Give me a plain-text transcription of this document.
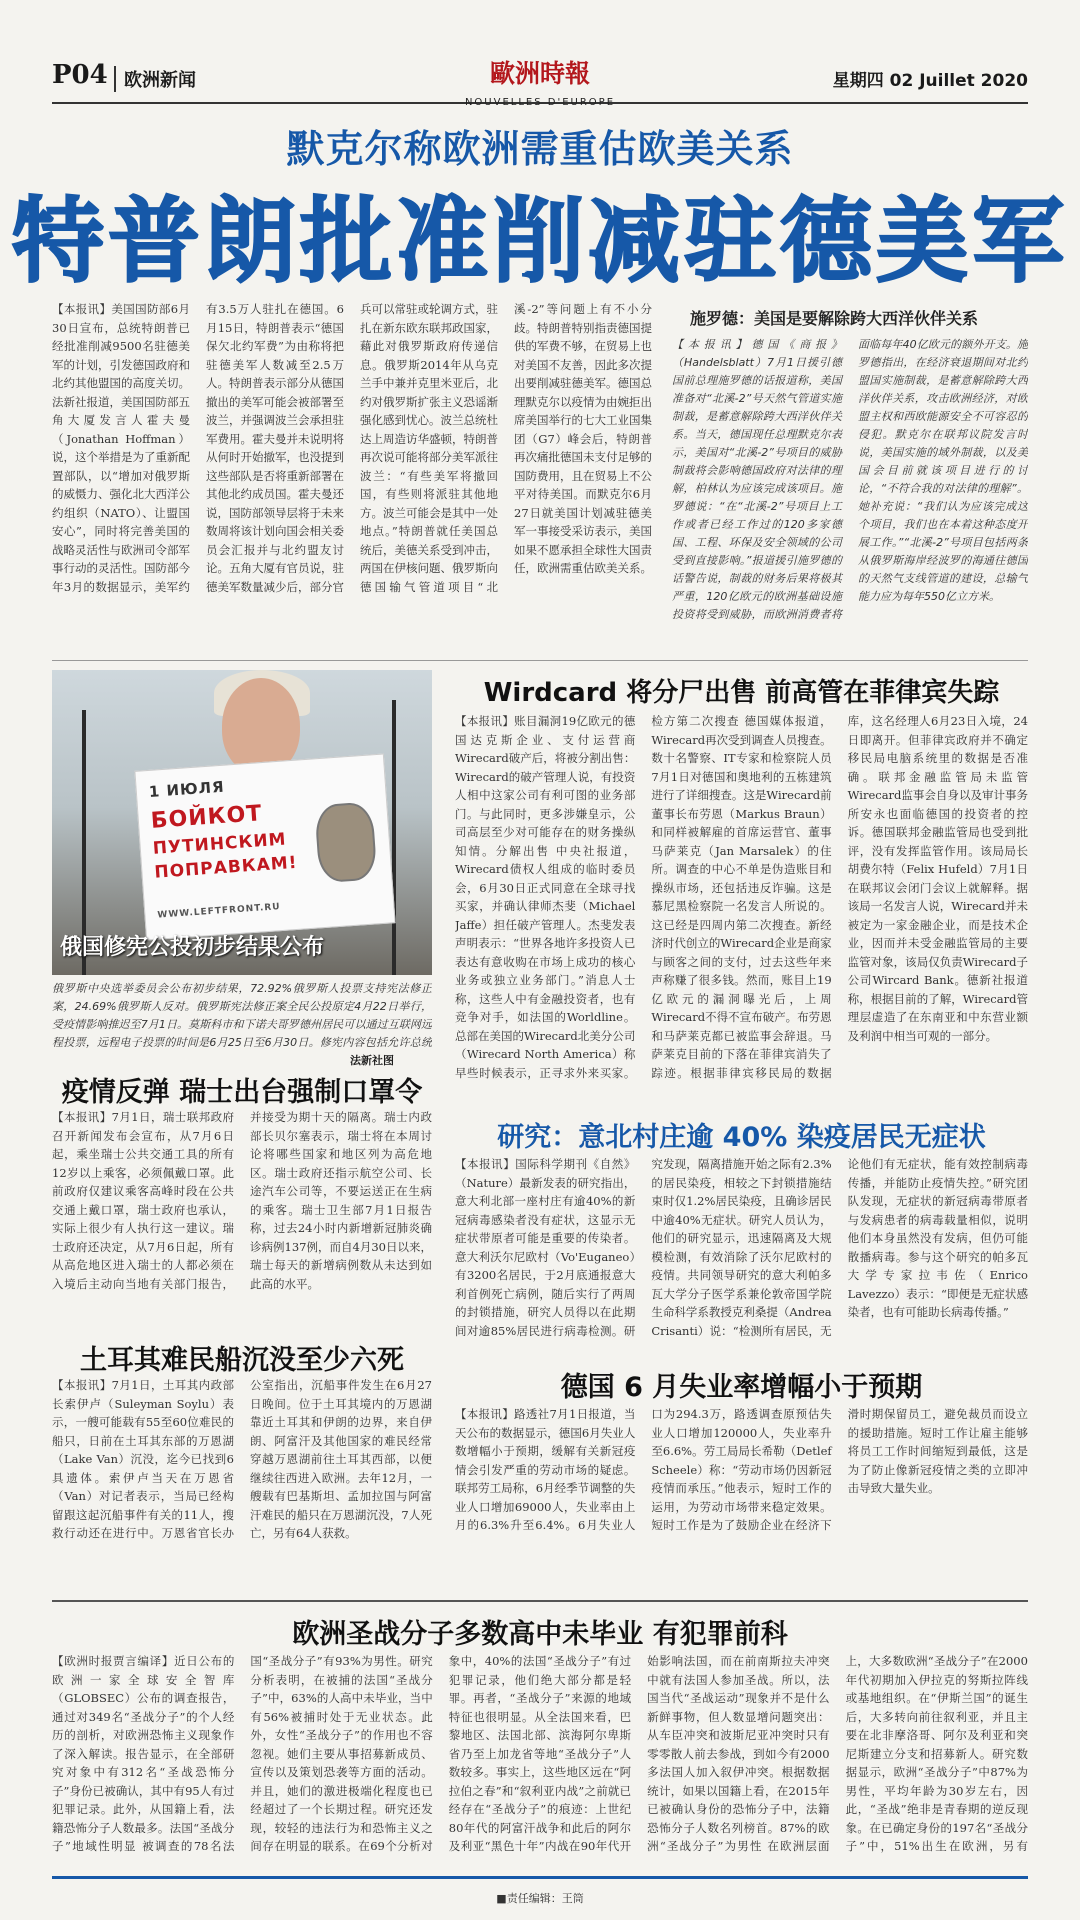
P04 欧洲新闻	歐洲時報
NOUVELLES D'EUROPE
星期四 02 Juillet 2020
默克尔称欧洲需重估欧美关系
特普朗批准削减驻德美军
【本报讯】美国国防部6月30日宣布，总统特朗普已经批准削减9500名驻德美军的计划，引发德国政府和北约其他盟国的高度关切。法新社报道，美国国防部五角大厦发言人霍夫曼（Jonathan Hoffman）说，这个举措是为了重新配置部队，以“增加对俄罗斯的威慑力、强化北大西洋公约组织（NATO）、让盟国安心”，同时将完善美国的战略灵活性与欧洲司令部军事行动的灵活性。国防部今年3月的数据显示，美军约有3.5万人驻扎在德国。6月15日，特朗普表示“德国保欠北约军费”为由称将把驻德美军人数减至2.5万人。特朗普表示部分从德国撤出的美军可能会被部署至波兰，并强调波兰会承担驻军费用。霍夫曼并未说明将从何时开始撤军，也没提到这些部队是否将重新部署在其他北约成员国。霍夫曼还说，国防部领导层将于未来数周将该计划向国会相关委员会汇报并与北约盟友讨论。五角大厦有官员说，驻德美军数量减少后，部分官兵可以常驻或轮调方式，驻扎在新东欧东联邦政国家，藉此对俄罗斯政府传递信息。俄罗斯2014年从乌克兰手中兼并克里米亚后，北约对俄罗斯扩张主义恐谣渐强化感到忧心。波兰总统杜达上周造访华盛顿，特朗普再次说可能将部分美军派往波兰：“有些美军将撤回国，有些则将派驻其他地方。波兰可能会是其中一处地点。”特朗普就任美国总统后，美德关系受到冲击，两国在伊核问题、俄罗斯向德国输气管道项目“北溪-2”等问题上有不小分歧。特朗普特别指责德国提供的军费不够，在贸易上也对美国不友善，因此多次提出要削减驻德美军。德国总理默克尔以疫情为由婉拒出席美国举行的七大工业国集团（G7）峰会后，特朗普再次痛批德国未支付足够的国防费用，且在贸易上不公平对待美国。而默克尔6月27日就美国计划减驻德美军一事接受采访表示，美国如果不愿承担全球性大国责任，欧洲需重估欧美关系。
施罗德：美国是要解除跨大西洋伙伴关系
【本报讯】德国《商报》（Handelsblatt）7月1日援引德国前总理施罗德的话报道称，美国准备对“北溪-2”号天然气管道实施制裁，是蓄意解除跨大西洋伙伴关系。当天，德国现任总理默克尔表示，美国对“北溪-2”号项目的威胁制裁将会影响德国政府对法律的理解，柏林认为应该完成该项目。施罗德说：“在“北溪-2”号项目上工作或者已经工作过的120多家德国、工程、环保及安全领域的公司受到直接影响。”报道援引施罗德的话警告说，制裁的财务后果将极其严重，120亿欧元的欧洲基础设施投资将受到威胁，而欧洲消费者将面临每年40亿欧元的额外开支。施罗德指出，在经济衰退期间对北约盟国实施制裁，是蓄意解除跨大西洋伙伴关系，攻击欧洲经济，对欧盟主权和西欧能源安全不可容忍的侵犯。默克尔在联邦议院发言时说，美国实施的域外制裁，以及美国会目前就该项目进行的讨论，“不符合我的对法律的理解”。她补充说：“我们认为应该完成这个项目，我们也在本着这种态度开展工作。”“北溪-2”号项目包括两条从俄罗斯海岸经波罗的海通往德国的天然气支线管道的建设，总输气能力应为每年550亿立方米。
1 ИЮЛЯ
БОЙКОТ
ПУТИНСКИМ
ПОПРАВКАМ!
WWW.LEFTFRONT.RU
俄国修宪公投初步结果公布
俄罗斯中央选举委员会公布初步结果，72.92%俄罗斯人投票支持宪法修正案，24.69%俄罗斯人反对。俄罗斯宪法修正案全民公投原定4月22日举行，受疫情影响推迟至7月1日。莫斯科市和下诺夫哥罗德州居民可以通过互联网远程投票，远程电子投票的时间是6月25日至6月30日。修宪内容包括允许总统
法新社图
Wirdcard 将分尸出售 前高管在菲律宾失踪
【本报讯】账目漏洞19亿欧元的德国达克斯企业、支付运营商Wirecard破产后，将被分割出售：Wirecard的破产管理人说，有投资人相中这家公司有利可图的业务部门。与此同时，更多涉嫌皇示，公司高层至少对可能存在的财务操纵知情。分解出售 中央社报道，Wirecard债权人组成的临时委员会，6月30日正式同意在全球寻找买家，并确认律师杰斐（Michael Jaffe）担任破产管理人。杰斐发表声明表示：“世界各地许多投资人已表达有意收购在市场上成功的核心业务或独立业务部门。”消息人士称，这些人中有金融投资者，也有竞争对手，如法国的Worldline。总部在美国的Wirecard北美分公司（Wirecard North America）称早些时候表示，正寻求外来买家。检方第二次搜查 德国媒体报道，Wirecard再次受到调查人员搜查。数十名警察、IT专家和检察院人员7月1日对德国和奥地利的五栋建筑进行了详细搜查。这是Wirecard前董事长布劳恩（Markus Braun）和同样被解雇的首席运营官、董事马萨莱克（Jan Marsalek）的住所。调查的中心不单是伪造账目和操纵市场，还包括违反诈骗。这是慕尼黑检察院一名发言人所说的。这已经是四周内第二次搜查。新经济时代创立的Wirecard企业是商家与顾客之间的支付，过去这些年来声称赚了很多钱。然而，账目上19亿欧元的漏洞曝光后，上周Wirecard不得不宣布破产。布劳恩和马萨莱克都已被监事会辞退。马萨莱克目前的下落在菲律宾消失了踪迹。根据菲律宾移民局的数据库，这名经理人6月23日入境，24日即离开。但菲律宾政府并不确定移民局电脑系统里的数据是否准确。联邦金融监管局未监管 Wirecard监事会自身以及审计事务所安永也面临德国的投资者的控诉。德国联邦金融监管局也受到批评，没有发挥监管作用。该局局长胡费尔特（Felix Hufeld）7月1日在联邦议会闭门会议上就解释。据该局一名发言人说，Wirecard并未被定为一家金融企业，而是技术企业，因而并未受金融监管局的主要监管对象，该局仅负责Wirecard子公司Wircard Bank。德新社报道称，根据目前的了解，Wirecard管理层虚造了在东南亚和中东营业额及利润中相当可观的一部分。
疫情反弹 瑞士出台强制口罩令
【本报讯】7月1日，瑞士联邦政府召开新闻发布会宣布，从7月6日起，乘坐瑞士公共交通工具的所有12岁以上乘客，必须佩戴口罩。此前政府仅建议乘客高峰时段在公共交通上戴口罩，瑞士政府也承认，实际上很少有人执行这一建议。瑞士政府还决定，从7月6日起，所有从高危地区进入瑞士的人都必须在入境后主动向当地有关部门报告，并接受为期十天的隔离。瑞士内政部长贝尔塞表示，瑞士将在本周讨论将哪些国家和地区列为高危地区。瑞士政府还指示航空公司、长途汽车公司等，不要运送正在生病的乘客。瑞士卫生部7月1日报告称，过去24小时内新增新冠肺炎确诊病例137例，而自4月30日以来，瑞士每天的新增病例数从未达到如此高的水平。
土耳其难民船沉没至少六死
【本报讯】7月1日，土耳其内政部长索伊卢（Suleyman Soylu）表示，一艘可能载有55至60位难民的船只，日前在土耳其东部的万恩湖（Lake Van）沉没，迄今已找到6具遗体。索伊卢当天在万恩省（Van）对记者表示，当局已经构留跟这起沉船事件有关的11人，搜救行动还在进行中。万恩省官长办公室指出，沉船事件发生在6月27日晚间。位于土耳其境内的万恩湖靠近土耳其和伊朗的边界，来自伊朗、阿富汗及其他国家的难民经常穿越万恩湖前往土耳其西部，以便继续往西进入欧洲。去年12月，一艘载有巴基斯坦、孟加拉国与阿富汗难民的船只在万恩湖沉没，7人死亡，另有64人获救。
研究：意北村庄逾 40% 染疫居民无症状
【本报讯】国际科学期刊《自然》（Nature）最新发表的研究指出，意大利北部一座村庄有逾40%的新冠病毒感染者没有症状，这显示无症状带原者可能是重要的传染者。意大利沃尔尼欧村（Vo'Euganeo）有3200名居民，于2月底通报意大利首例死亡病例，随后实行了两周的封锁措施，研究人员得以在此期间对逾85%居民进行病毒检测。研究发现，隔离措施开始之际有2.3%的居民染疫，相较之下封锁措施结束时仅1.2%居民染疫，且确诊居民中逾40%无症状。研究人员认为，他们的研究显示，迅速隔离及大规模检测，有效消除了沃尔尼欧村的疫情。共同领导研究的意大利帕多瓦大学分子医学系兼伦敦帝国学院生命科学系教授克利桑提（Andrea Crisanti）说：“检测所有居民，无论他们有无症状，能有效控制病毒传播，并能防止疫情失控。”研究团队发现，无症状的新冠病毒带原者与发病患者的病毒载量相似，说明他们本身虽然没有发病，但仍可能散播病毒。参与这个研究的帕多瓦大学专家拉韦佐（Enrico Lavezzo）表示：“即便是无症状感染者，也有可能助长病毒传播。”
德国 6 月失业率增幅小于预期
【本报讯】路透社7月1日报道，当天公布的数据显示，德国6月失业人数增幅小于预期，缓解有关新冠疫情会引发严重的劳动市场的疑虑。联邦劳工局称，6月经季节调整的失业人口增加69000人，失业率由上月的6.3%升至6.4%。6月失业人口为294.3万，路透调查原预估失业人口增加120000人，失业率升至6.6%。劳工局局长希勒（Detlef Scheele）称：“劳动市场仍因新冠疫情而承压。”他表示，短时工作的运用，为劳动市场带来稳定效果。短时工作是为了鼓励企业在经济下滑时期保留员工，避免裁员而设立的援助措施。短时工作让雇主能够将员工工作时间缩短到最低，这是为了防止像新冠疫情之类的立即冲击导致大量失业。
欧洲圣战分子多数高中未毕业 有犯罪前科
【欧洲时报贾言编译】近日公布的欧洲一家全球安全智库（GLOBSEC）公布的调查报告，通过对349名“圣战分子”的个人经历的剖析，对欧洲恐怖主义现象作了深入解读。报告显示，在全部研究对象中有312名“圣战恐怖分子”身份已被确认，其中有95人有过犯罪记录。此外，从国籍上看，法籍恐怖分子人数最多。法国“圣战分子”地域性明显 被调查的78名法国“圣战分子”有93%为男性。研究分析表明，在被捕的法国“圣战分子”中，63%的人高中未毕业，当中有56%被捕时处于无业状态。此外，女性“圣战分子”的作用也不容忽视。她们主要从事招募新成员、宣传以及策划恐袭等方面的活动。并且，她们的激进极端化程度也已经超过了一个长期过程。研究还发现，较轻的违法行为和恐怖主义之间存在明显的联系。在69个分析对象中，40%的法国“圣战分子”有过犯罪记录，他们绝大部分都是轻罪。再者，“圣战分子”来源的地域特征也很明显。从全法国来看，巴黎地区、法国北部、滨海阿尔卑斯省乃至上加龙省等地“圣战分子”人数较多。事实上，这些地区远在“阿拉伯之春”和“叙利亚内战”之前就已经存在“圣战分子”的痕迹：上世纪80年代的阿富汗战争和此后的阿尔及利亚“黑色十年”内战在90年代开始影响法国，而在前南斯拉夫冲突中就有法国人参加圣战。所以，法国当代“圣战运动”现象并不是什么新鲜事物，但人数显增问题突出：从车臣冲突和波斯尼亚冲突时只有零零散人前去参战，到如今有2000多法国人加入叙伊冲突。根据数据统计，如果以国籍上看，在2015年已被确认身份的恐怖分子中，法籍恐怖分子人数名列榜首。87%的欧洲“圣战分子”为男性 在欧洲层面上，大多数欧洲“圣战分子”在2000年代初期加入伊拉克的努斯拉阵线或基地组织。在“伊斯兰国”的诞生后，大多转向前往叙利亚，并且主要在北非摩洛哥、阿尔及利亚和突尼斯建立分支和招募新人。研究数据显示，欧洲“圣战分子”中87%为男性，平均年龄为30岁左右，因此，“圣战”绝非是青春期的逆反现象。在已确定身份的197名“圣战分子”中，51%出生在欧洲，另有
■责任编辑：王筒
